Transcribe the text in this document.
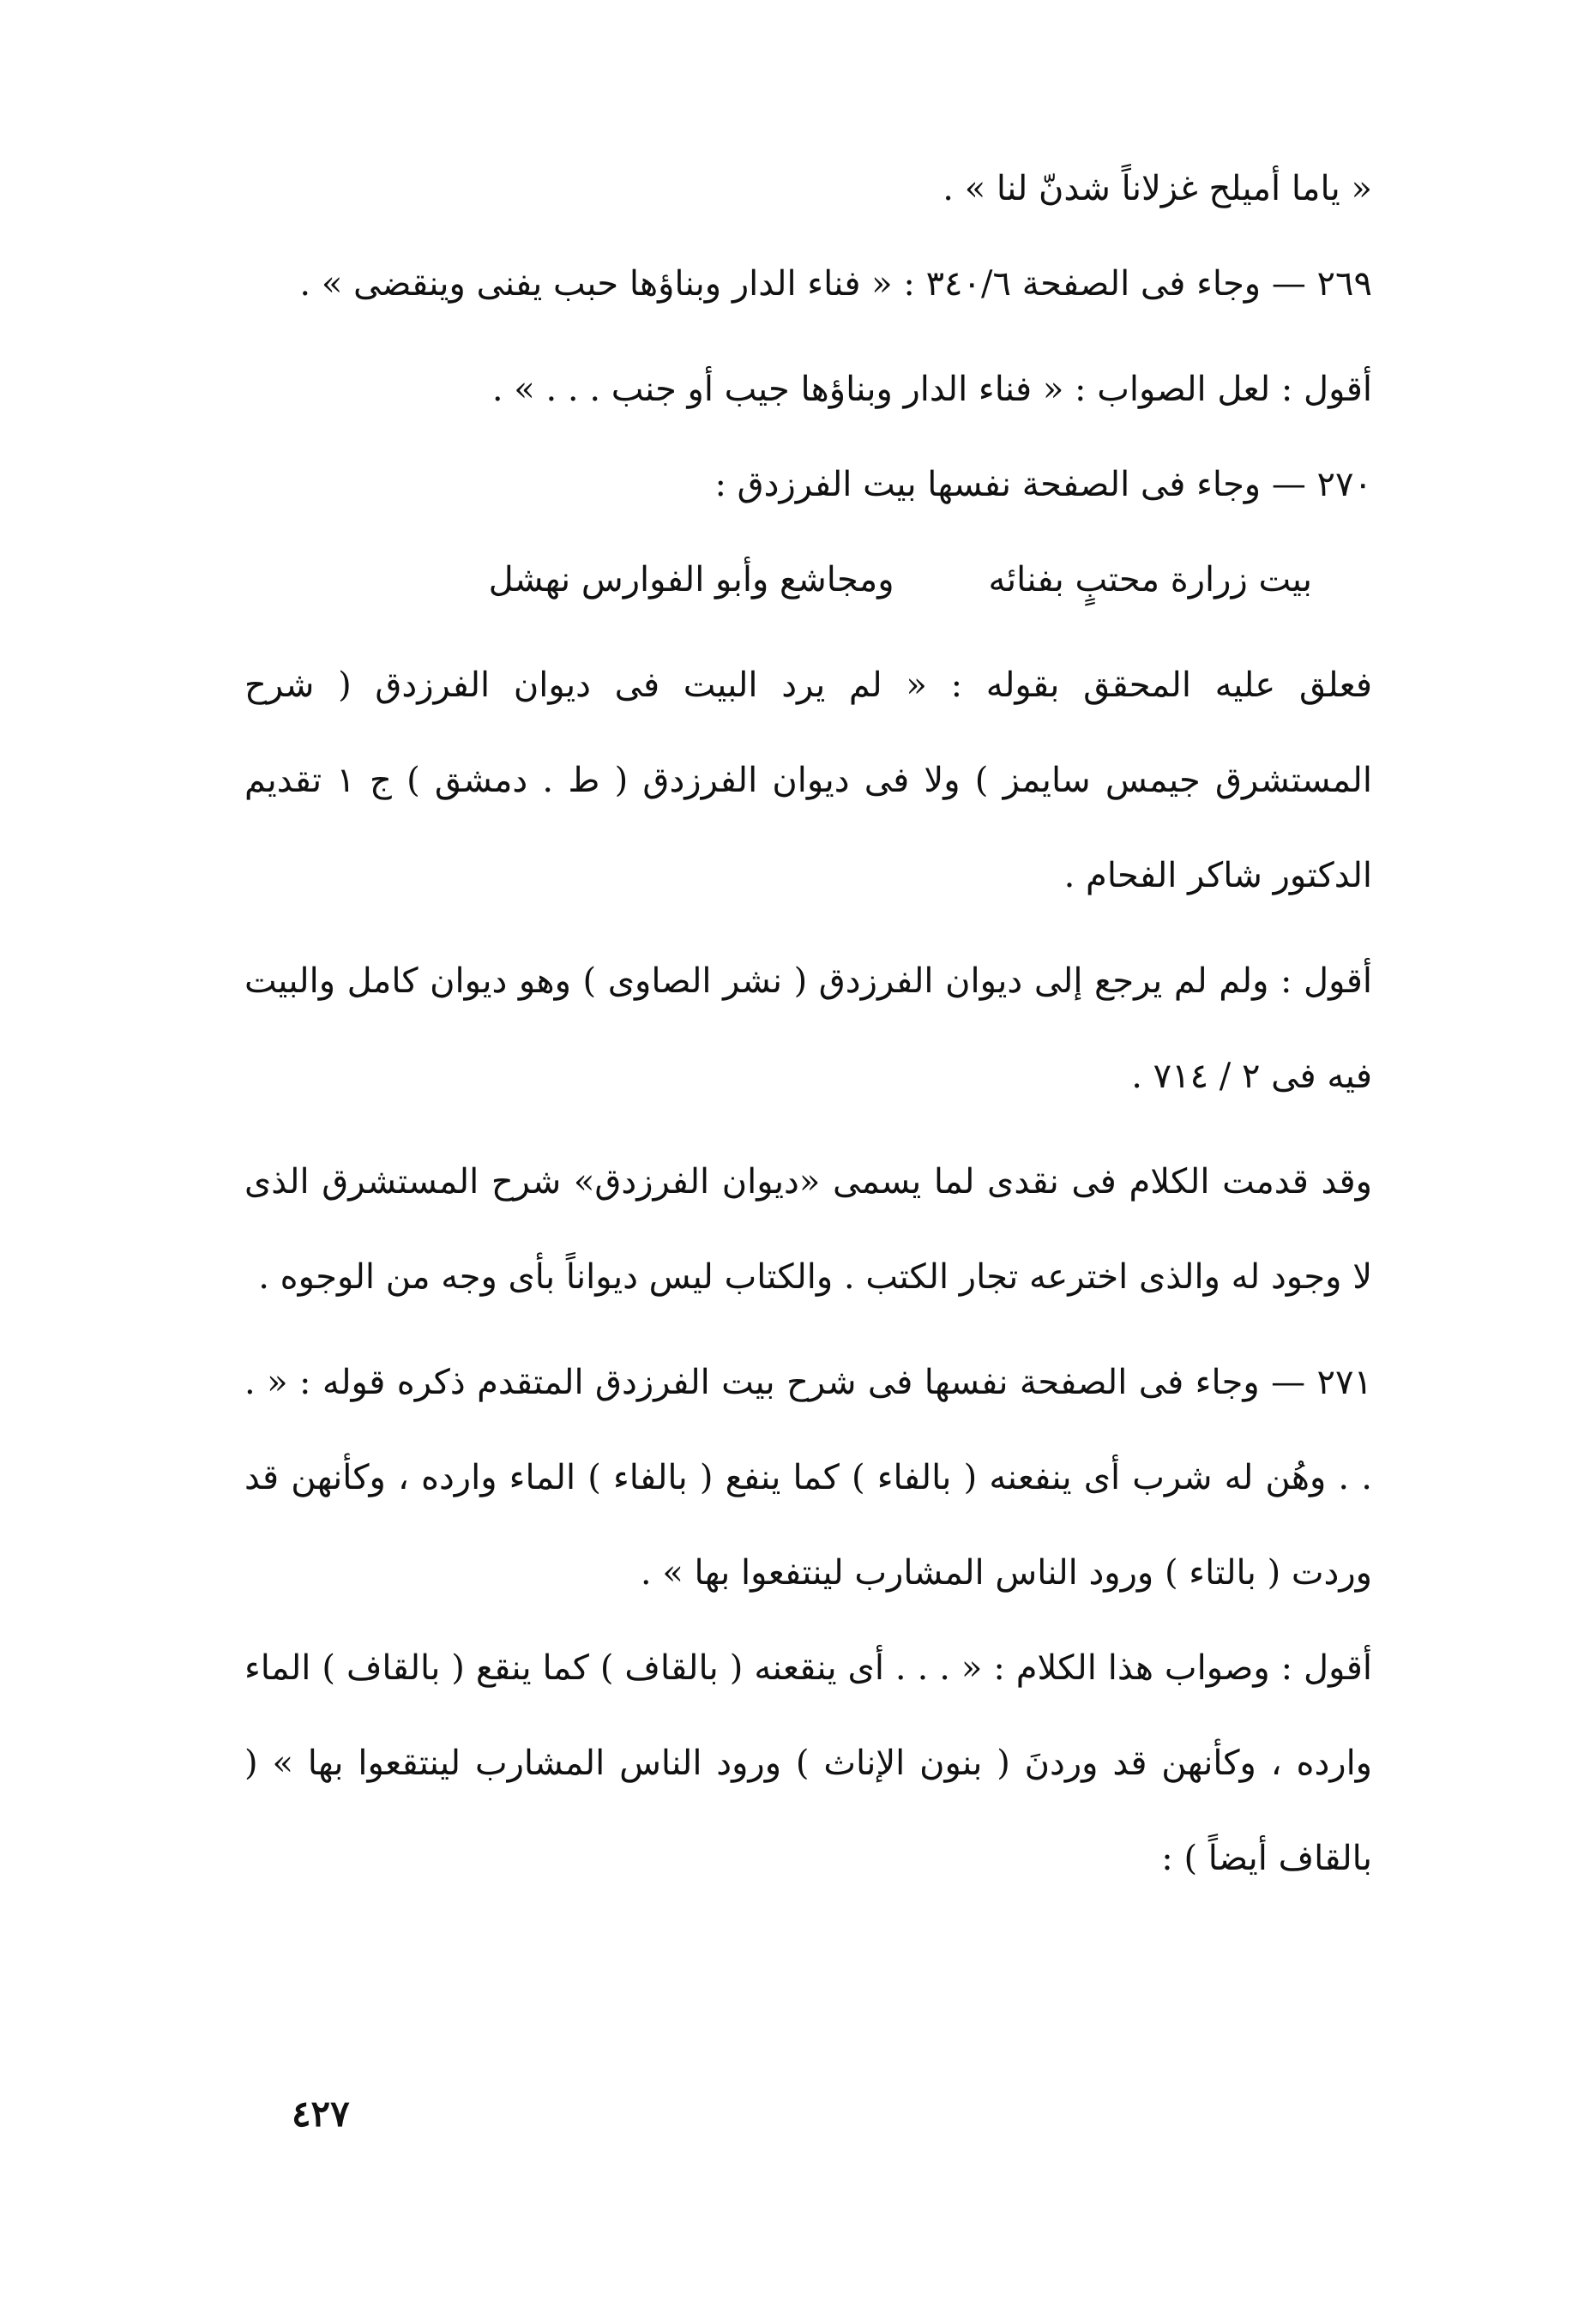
« ياما أميلح غزلاناً شدنّ لنا » .

٢٦٩ — وجاء فى الصفحة ٣٤٠/٦ : « فناء الدار وبناؤها حبب يفنى وينقضى » .

أقول : لعل الصواب : « فناء الدار وبناؤها جيب أو جنب . . . » .

٢٧٠ — وجاء فى الصفحة نفسها بيت الفرزدق :

بيت زرارة محتبٍ بفنائه
ومجاشع وأبو الفوارس نهشل

فعلق عليه المحقق بقوله : « لم يرد البيت فى ديوان الفرزدق ( شرح المستشرق جيمس سايمز ) ولا فى ديوان الفرزدق ( ط . دمشق ) ج ١ تقديم الدكتور شاكر الفحام .

أقول : ولم لم يرجع إلى ديوان الفرزدق ( نشر الصاوى ) وهو ديوان كامل والبيت فيه فى ٢ / ٧١٤ .

وقد قدمت الكلام فى نقدى لما يسمى «ديوان الفرزدق» شرح المستشرق الذى لا وجود له والذى اخترعه تجار الكتب . والكتاب ليس ديواناً بأى وجه من الوجوه .

٢٧١ — وجاء فى الصفحة نفسها فى شرح بيت الفرزدق المتقدم ذكره قوله : « . . . وهُن له شرب أى ينفعنه ( بالفاء ) كما ينفع ( بالفاء ) الماء وارده ، وكأنهن قد وردت ( بالتاء ) ورود الناس المشارب لينتفعوا بها » .

أقول : وصواب هذا الكلام : « . . . أى ينقعنه ( بالقاف ) كما ينقع ( بالقاف ) الماء وارده ، وكأنهن قد وردنَ ( بنون الإناث ) ورود الناس المشارب لينتقعوا بها » ( بالقاف أيضاً ) :

٤٢٧
